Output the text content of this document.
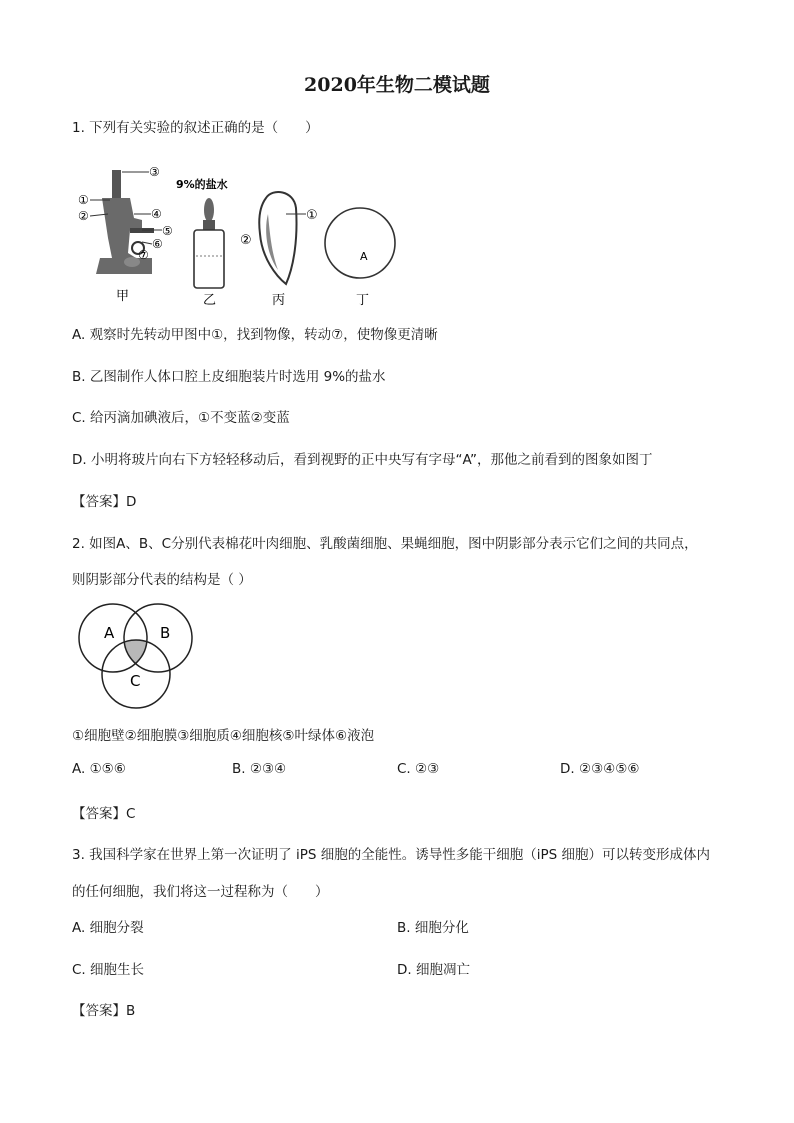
2020年生物二模试题
1. 下列有关实验的叙述正确的是（　　）
①
②
③
④
⑤
⑥
⑦
甲
9%的盐水
乙
①
②
丙
A
丁
A. 观察时先转动甲图中①，找到物像，转动⑦，使物像更清晰
B. 乙图制作人体口腔上皮细胞装片时选用 9%的盐水
C. 给丙滴加碘液后，①不变蓝②变蓝
D. 小明将玻片向右下方轻轻移动后，看到视野的正中央写有字母“A”，那他之前看到的图象如图丁
【答案】D
2. 如图A、B、C分别代表棉花叶肉细胞、乳酸菌细胞、果蝇细胞，图中阴影部分表示它们之间的共同点，
则阴影部分代表的结构是（ ）
A	B
C
①细胞壁②细胞膜③细胞质④细胞核⑤叶绿体⑥液泡
A. ①⑤⑥	B. ②③④	C. ②③	D. ②③④⑤⑥
【答案】C
3. 我国科学家在世界上第一次证明了 iPS 细胞的全能性。诱导性多能干细胞（iPS 细胞）可以转变形成体内
的任何细胞，我们将这一过程称为（　　）
A. 细胞分裂	B. 细胞分化
C. 细胞生长	D. 细胞凋亡
【答案】B
